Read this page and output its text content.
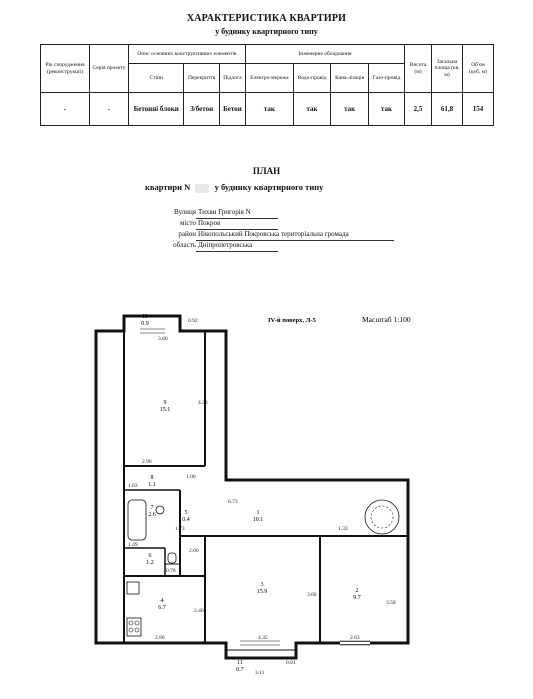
ХАРАКТЕРИСТИКА КВАРТИРИ
у будинку квартирного типу
Рік спорудження (реконструкції)	Серія проекту	Опис основних конструктивних елементів			Інженерне обладнання				Висота (м)	Загальна площа (кв. м)	Об'єм (куб. м)
		Стіни	Перекриття	Підлога	Електро-мережа	Водо-провід	Кана-лізація	Газо-провід			
-	-	Бетонні блоки	З/бетон	Бетон	так	так	так	так	2,5	61,8	154
ПЛАН
квартири N	у будинку квартирного типу
Вулиця Тихви Григорія N
місто Покров
район Нікопольський Покровська територіальна громада
область Дніпропетровська
IV-й поверх, Л-5	Масштаб 1:100
9
15.1
8
1.1
7
2.6	5
0.4
6
1.2
1
10.1
3
15.9	2
9.7
4
6.7
10
0.9
11
0.7
3.60
0.92
4.23
2.90
1.00
1.63
6.73
1.73
2.66
1.33
1.49
0.78
2.40
3.66
3.58
2.80	4.35	2.63
0.81
3.11
